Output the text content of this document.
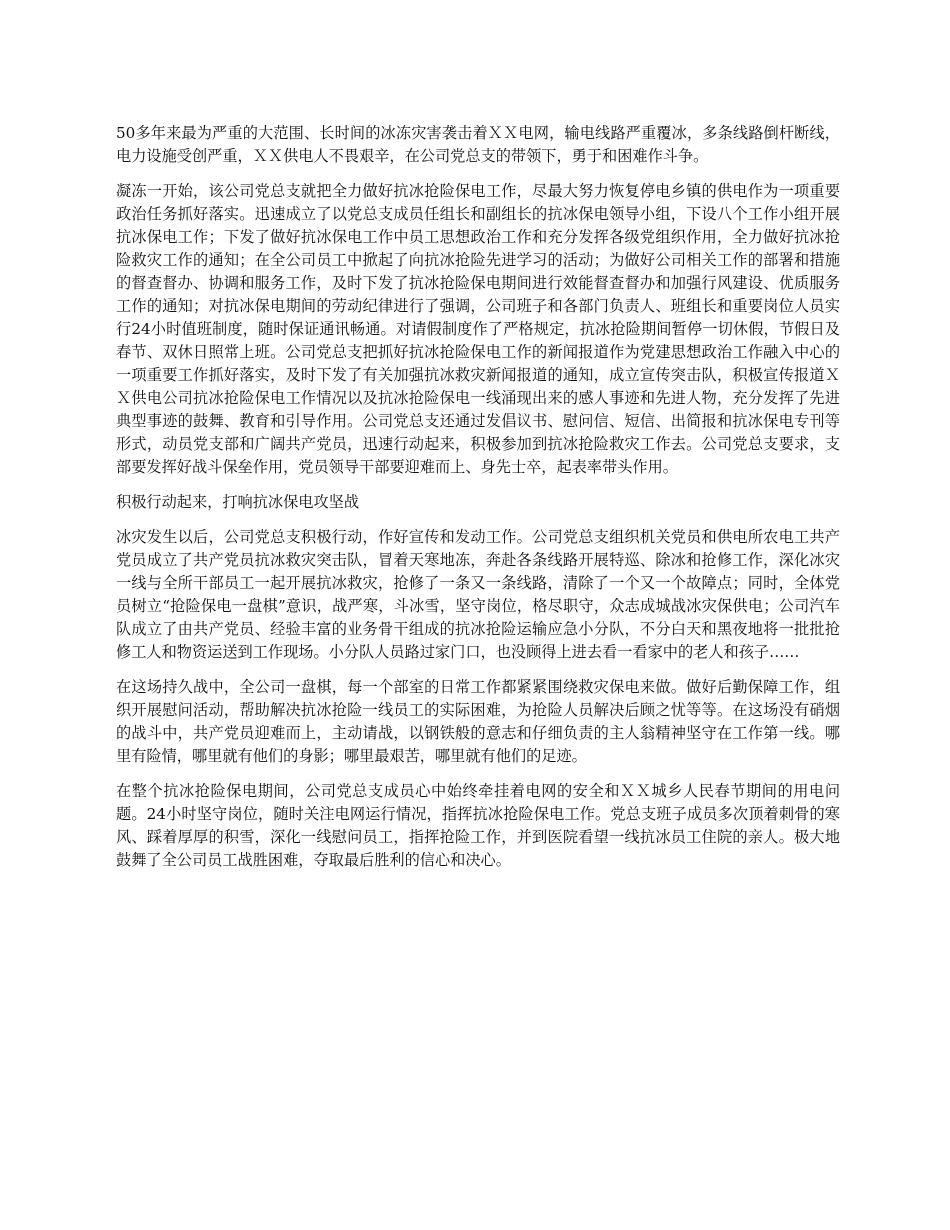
50多年来最为严重的大范围、长时间的冰冻灾害袭击着ＸＸ电网，输电线路严重覆冰，多条线路倒杆断线，电力设施受创严重，ＸＸ供电人不畏艰辛，在公司党总支的带领下，勇于和困难作斗争。

凝冻一开始，该公司党总支就把全力做好抗冰抢险保电工作，尽最大努力恢复停电乡镇的供电作为一项重要政治任务抓好落实。迅速成立了以党总支成员任组长和副组长的抗冰保电领导小组，下设八个工作小组开展抗冰保电工作；下发了做好抗冰保电工作中员工思想政治工作和充分发挥各级党组织作用，全力做好抗冰抢险救灾工作的通知；在全公司员工中掀起了向抗冰抢险先进学习的活动；为做好公司相关工作的部署和措施的督查督办、协调和服务工作，及时下发了抗冰抢险保电期间进行效能督查督办和加强行风建设、优质服务工作的通知；对抗冰保电期间的劳动纪律进行了强调，公司班子和各部门负责人、班组长和重要岗位人员实行24小时值班制度，随时保证通讯畅通。对请假制度作了严格规定，抗冰抢险期间暂停一切休假，节假日及春节、双休日照常上班。公司党总支把抓好抗冰抢险保电工作的新闻报道作为党建思想政治工作融入中心的一项重要工作抓好落实，及时下发了有关加强抗冰救灾新闻报道的通知，成立宣传突击队，积极宣传报道ＸＸ供电公司抗冰抢险保电工作情况以及抗冰抢险保电一线涌现出来的感人事迹和先进人物，充分发挥了先进典型事迹的鼓舞、教育和引导作用。公司党总支还通过发倡议书、慰问信、短信、出简报和抗冰保电专刊等形式，动员党支部和广阔共产党员，迅速行动起来，积极参加到抗冰抢险救灾工作去。公司党总支要求，支部要发挥好战斗保垒作用，党员领导干部要迎难而上、身先士卒，起表率带头作用。

积极行动起来，打响抗冰保电攻坚战

冰灾发生以后，公司党总支积极行动，作好宣传和发动工作。公司党总支组织机关党员和供电所农电工共产党员成立了共产党员抗冰救灾突击队，冒着天寒地冻，奔赴各条线路开展特巡、除冰和抢修工作，深化冰灾一线与全所干部员工一起开展抗冰救灾，抢修了一条又一条线路，清除了一个又一个故障点；同时，全体党员树立“抢险保电一盘棋”意识，战严寒，斗冰雪，坚守岗位，格尽职守，众志成城战冰灾保供电；公司汽车队成立了由共产党员、经验丰富的业务骨干组成的抗冰抢险运输应急小分队，不分白天和黑夜地将一批批抢修工人和物资运送到工作现场。小分队人员路过家门口，也没顾得上进去看一看家中的老人和孩子……

在这场持久战中，全公司一盘棋，每一个部室的日常工作都紧紧围绕救灾保电来做。做好后勤保障工作，组织开展慰问活动，帮助解决抗冰抢险一线员工的实际困难，为抢险人员解决后顾之忧等等。在这场没有硝烟的战斗中，共产党员迎难而上，主动请战，以钢铁般的意志和仔细负责的主人翁精神坚守在工作第一线。哪里有险情，哪里就有他们的身影；哪里最艰苦，哪里就有他们的足迹。

在整个抗冰抢险保电期间，公司党总支成员心中始终牵挂着电网的安全和ＸＸ城乡人民春节期间的用电问题。24小时坚守岗位，随时关注电网运行情况，指挥抗冰抢险保电工作。党总支班子成员多次顶着刺骨的寒风、踩着厚厚的积雪，深化一线慰问员工，指挥抢险工作，并到医院看望一线抗冰员工住院的亲人。极大地鼓舞了全公司员工战胜困难，夺取最后胜利的信心和决心。
